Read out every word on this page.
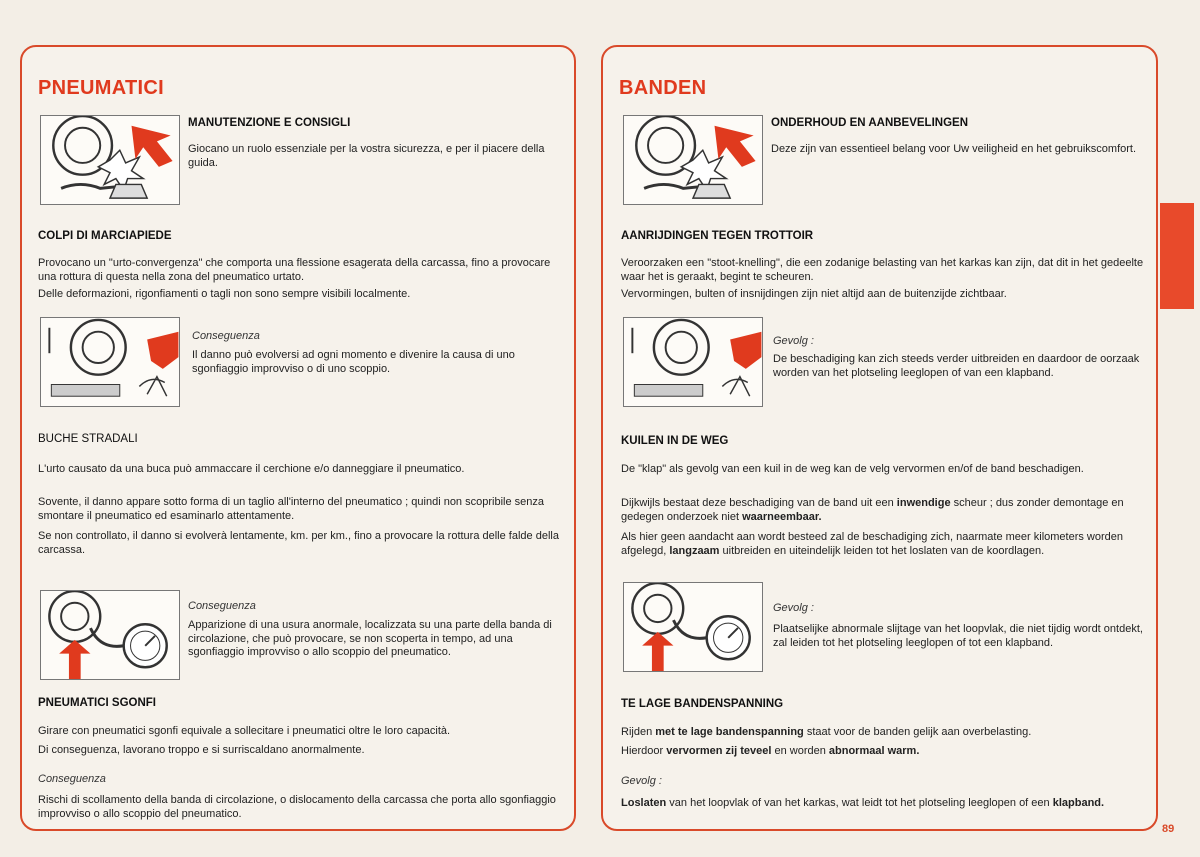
PNEUMATICI
MANUTENZIONE E CONSIGLI
Giocano un ruolo essenziale per la vostra sicurezza, e per il piacere della guida.
COLPI DI MARCIAPIEDE
Provocano un "urto-convergenza" che comporta una flessione esagerata della carcassa, fino a provocare una rottura di questa nella zona del pneumatico urtato.
Delle deformazioni, rigonfiamenti o tagli non sono sempre visibili localmente.
Conseguenza
Il danno può evolversi ad ogni momento e divenire la causa di uno sgonfiaggio improvviso o di uno scoppio.
BUCHE STRADALI
L'urto causato da una buca può ammaccare il cerchione e/o danneggiare il pneumatico.
Sovente, il danno appare sotto forma di un taglio all'interno del pneumatico ; quindi non scopribile senza smontare il pneumatico ed esaminarlo attentamente.
Se non controllato, il danno si evolverà lentamente, km. per km., fino a provocare la rottura delle falde della carcassa.
Conseguenza
Apparizione di una usura anormale, localizzata su una parte della banda di circolazione, che può provocare, se non scoperta in tempo, ad una sgonfiaggio improvviso o allo scoppio del pneumatico.
PNEUMATICI SGONFI
Girare con pneumatici sgonfi equivale a sollecitare i pneumatici oltre le loro capacità.
Di conseguenza, lavorano troppo e si surriscaldano anormalmente.
Conseguenza
Rischi di scollamento della banda di circolazione, o dislocamento della carcassa che porta allo sgonfiaggio improvviso o allo scoppio del pneumatico.
BANDEN
ONDERHOUD EN AANBEVELINGEN
Deze zijn van essentieel belang voor Uw veiligheid en het gebruikscomfort.
AANRIJDINGEN TEGEN TROTTOIR
Veroorzaken een "stoot-knelling", die een zodanige belasting van het karkas kan zijn, dat dit in het gedeelte waar het is geraakt, begint te scheuren.
Vervormingen, bulten of insnijdingen zijn niet altijd aan de buitenzijde zichtbaar.
Gevolg :
De beschadiging kan zich steeds verder uitbreiden en daardoor de oorzaak worden van het plotseling leeglopen of van een klapband.
KUILEN IN DE WEG
De "klap" als gevolg van een kuil in de weg kan de velg vervormen en/of de band beschadigen.
Dijkwijls bestaat deze beschadiging van de band uit een inwendige scheur ; dus zonder demontage en gedegen onderzoek niet waarneembaar.
Als hier geen aandacht aan wordt besteed zal de beschadiging zich, naarmate meer kilometers worden afgelegd, langzaam uitbreiden en uiteindelijk leiden tot het loslaten van de koordlagen.
Gevolg :
Plaatselijke abnormale slijtage van het loopvlak, die niet tijdig wordt ontdekt, zal leiden tot het plotseling leeglopen of tot een klapband.
TE LAGE BANDENSPANNING
Rijden met te lage bandenspanning staat voor de banden gelijk aan overbelasting.
Hierdoor vervormen zij teveel en worden abnormaal warm.
Gevolg :
Loslaten van het loopvlak of van het karkas, wat leidt tot het plotseling leeglopen of een klapband.
89
